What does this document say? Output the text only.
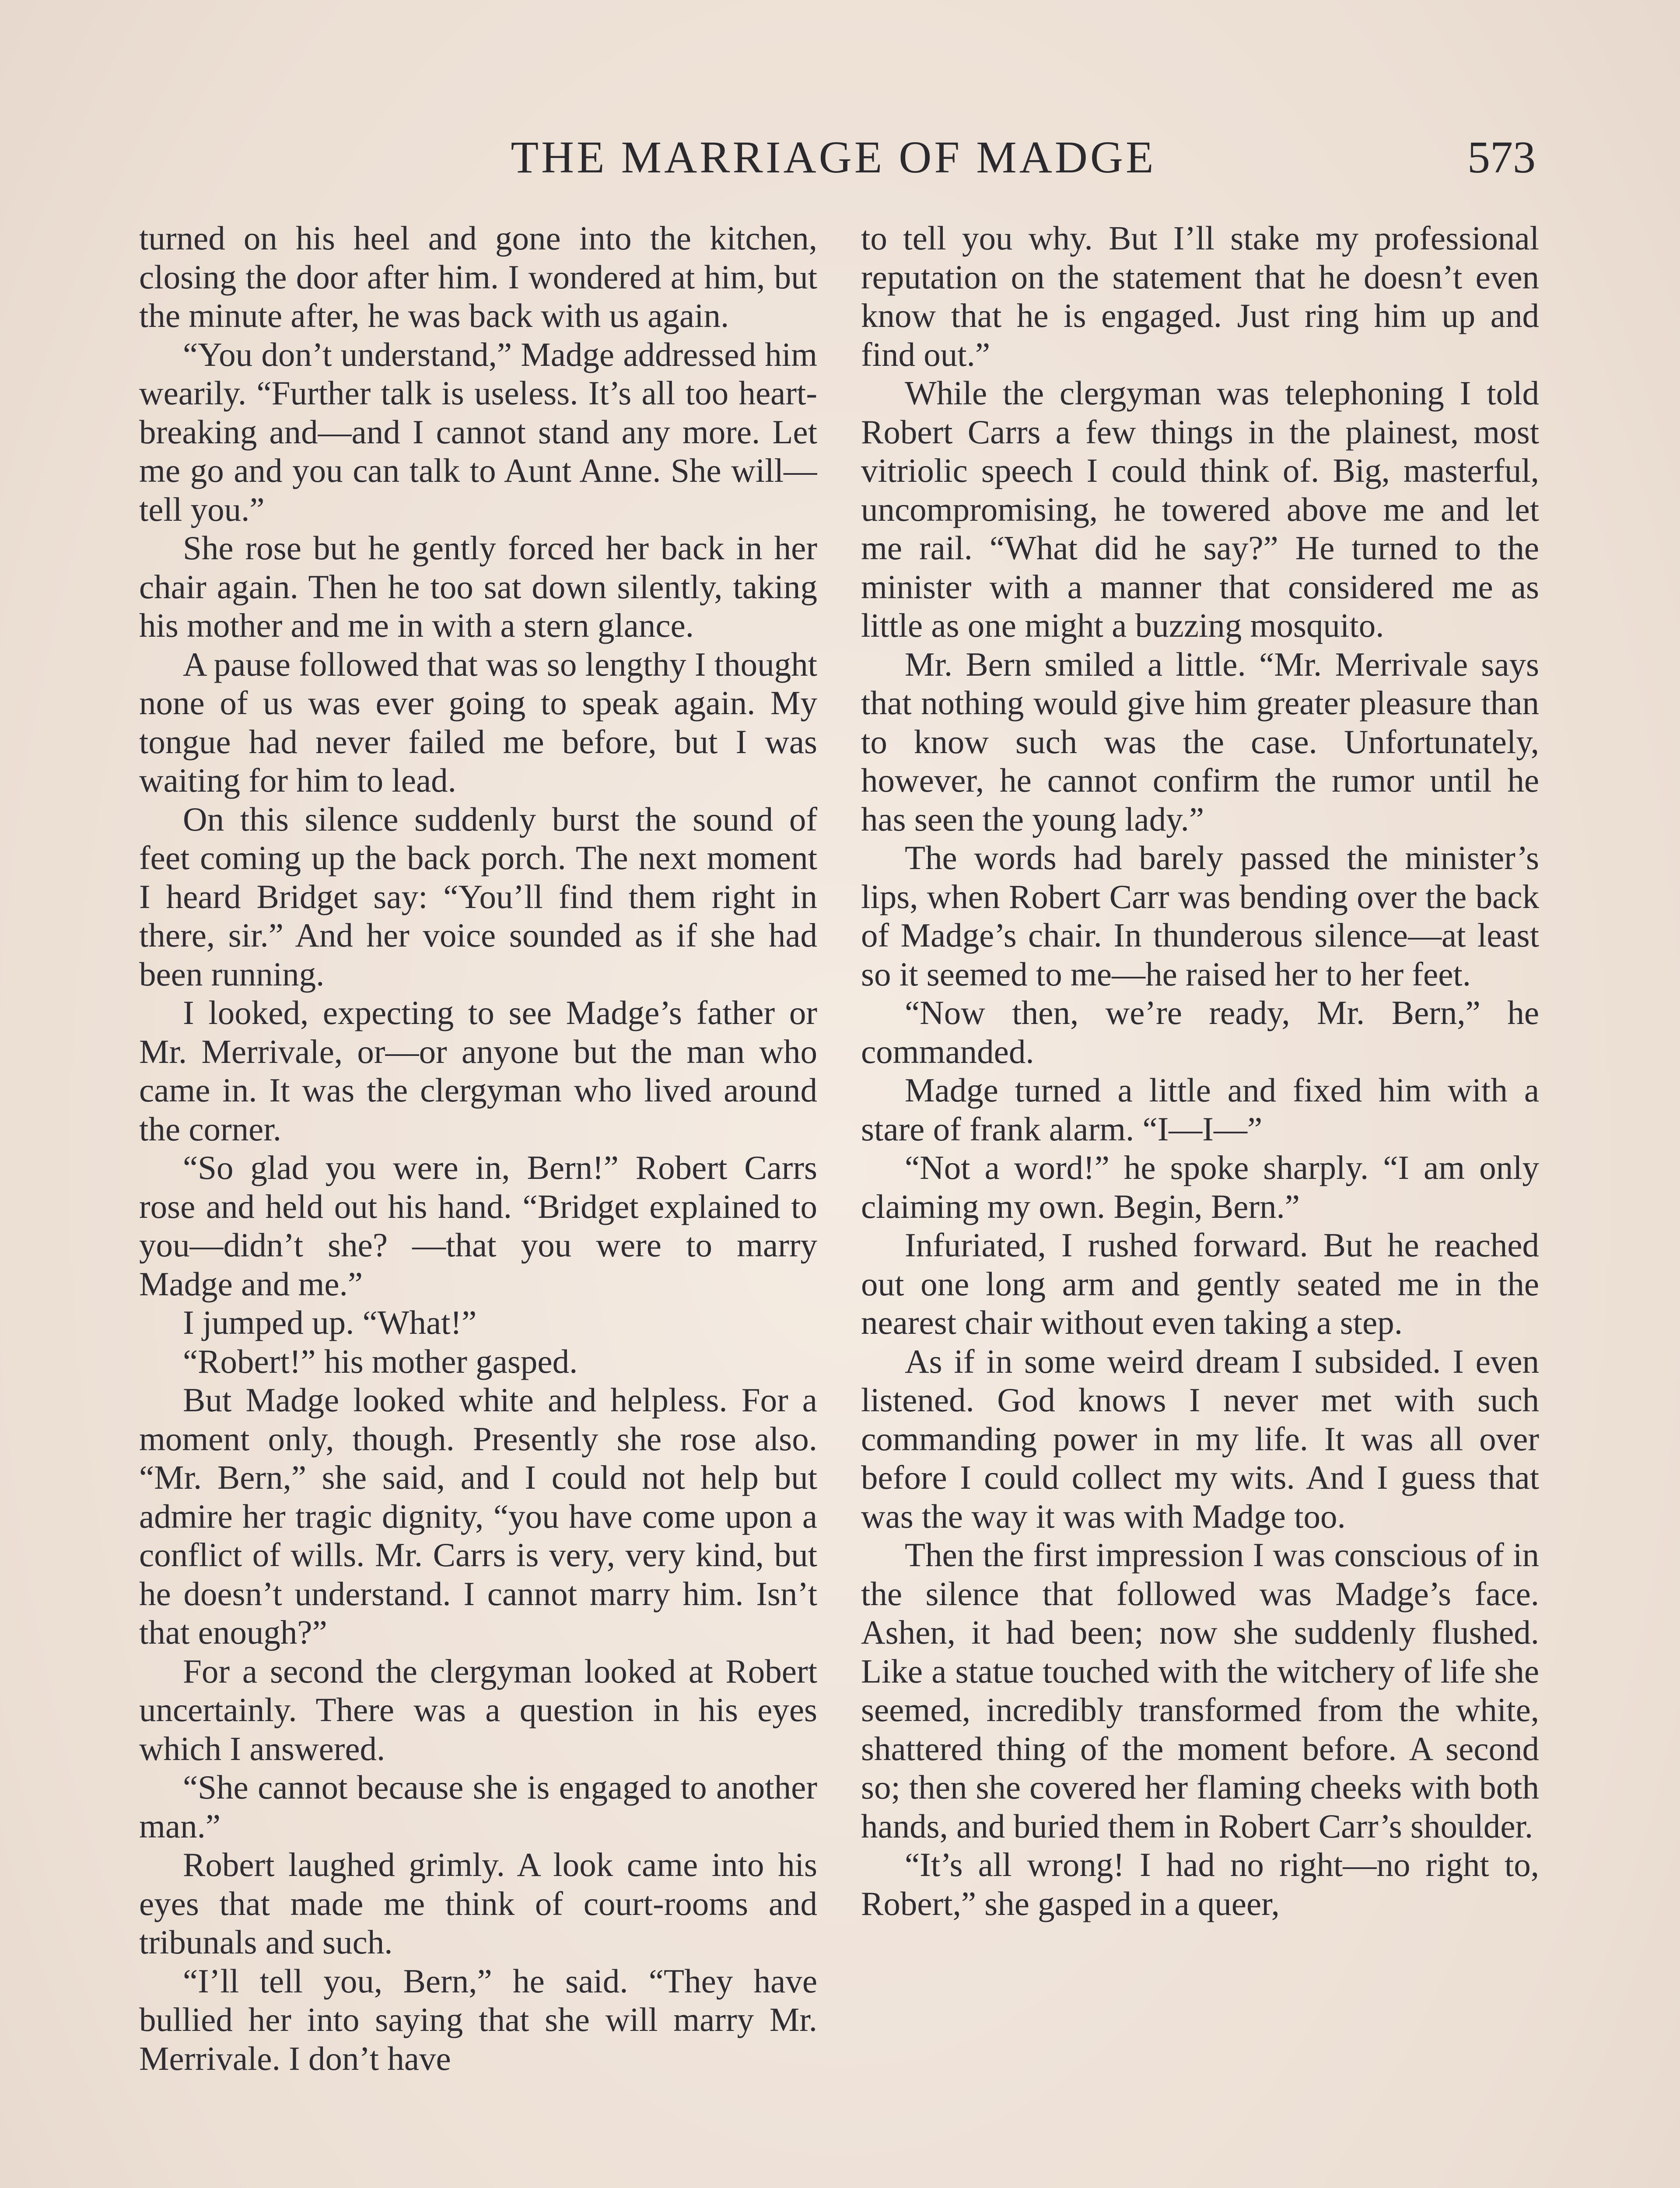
THE MARRIAGE OF MADGE	573

turned on his heel and gone into the kitchen, closing the door after him. I wondered at him, but the minute after, he was back with us again.

“You don’t understand,” Madge addressed him wearily. “Further talk is useless. It’s all too heart-breaking and—and I cannot stand any more. Let me go and you can talk to Aunt Anne. She will—tell you.”

She rose but he gently forced her back in her chair again. Then he too sat down silently, taking his mother and me in with a stern glance.

A pause followed that was so lengthy I thought none of us was ever going to speak again. My tongue had never failed me before, but I was waiting for him to lead.

On this silence suddenly burst the sound of feet coming up the back porch. The next moment I heard Bridget say: “You’ll find them right in there, sir.” And her voice sounded as if she had been running.

I looked, expecting to see Madge’s father or Mr. Merrivale, or—or anyone but the man who came in. It was the clergyman who lived around the corner.

“So glad you were in, Bern!” Robert Carrs rose and held out his hand. “Bridget explained to you—didn’t she? —that you were to marry Madge and me.”

I jumped up. “What!”

“Robert!” his mother gasped.

But Madge looked white and helpless. For a moment only, though. Presently she rose also. “Mr. Bern,” she said, and I could not help but admire her tragic dignity, “you have come upon a conflict of wills. Mr. Carrs is very, very kind, but he doesn’t understand. I cannot marry him. Isn’t that enough?”

For a second the clergyman looked at Robert uncertainly. There was a question in his eyes which I answered.

“She cannot because she is engaged to another man.”

Robert laughed grimly. A look came into his eyes that made me think of court-rooms and tribunals and such.

“I’ll tell you, Bern,” he said. “They have bullied her into saying that she will marry Mr. Merrivale. I don’t have

to tell you why. But I’ll stake my professional reputation on the statement that he doesn’t even know that he is engaged. Just ring him up and find out.”

While the clergyman was telephoning I told Robert Carrs a few things in the plainest, most vitriolic speech I could think of. Big, masterful, uncompromising, he towered above me and let me rail. “What did he say?” He turned to the minister with a manner that considered me as little as one might a buzzing mosquito.

Mr. Bern smiled a little. “Mr. Merrivale says that nothing would give him greater pleasure than to know such was the case. Unfortunately, however, he cannot confirm the rumor until he has seen the young lady.”

The words had barely passed the minister’s lips, when Robert Carr was bending over the back of Madge’s chair. In thunderous silence—at least so it seemed to me—he raised her to her feet.

“Now then, we’re ready, Mr. Bern,” he commanded.

Madge turned a little and fixed him with a stare of frank alarm. “I—I—”

“Not a word!” he spoke sharply. “I am only claiming my own. Begin, Bern.”

Infuriated, I rushed forward. But he reached out one long arm and gently seated me in the nearest chair without even taking a step.

As if in some weird dream I subsided. I even listened. God knows I never met with such commanding power in my life. It was all over before I could collect my wits. And I guess that was the way it was with Madge too.

Then the first impression I was conscious of in the silence that followed was Madge’s face. Ashen, it had been; now she suddenly flushed. Like a statue touched with the witchery of life she seemed, incredibly transformed from the white, shattered thing of the moment before. A second so; then she covered her flaming cheeks with both hands, and buried them in Robert Carr’s shoulder.

“It’s all wrong! I had no right—no right to, Robert,” she gasped in a queer,
